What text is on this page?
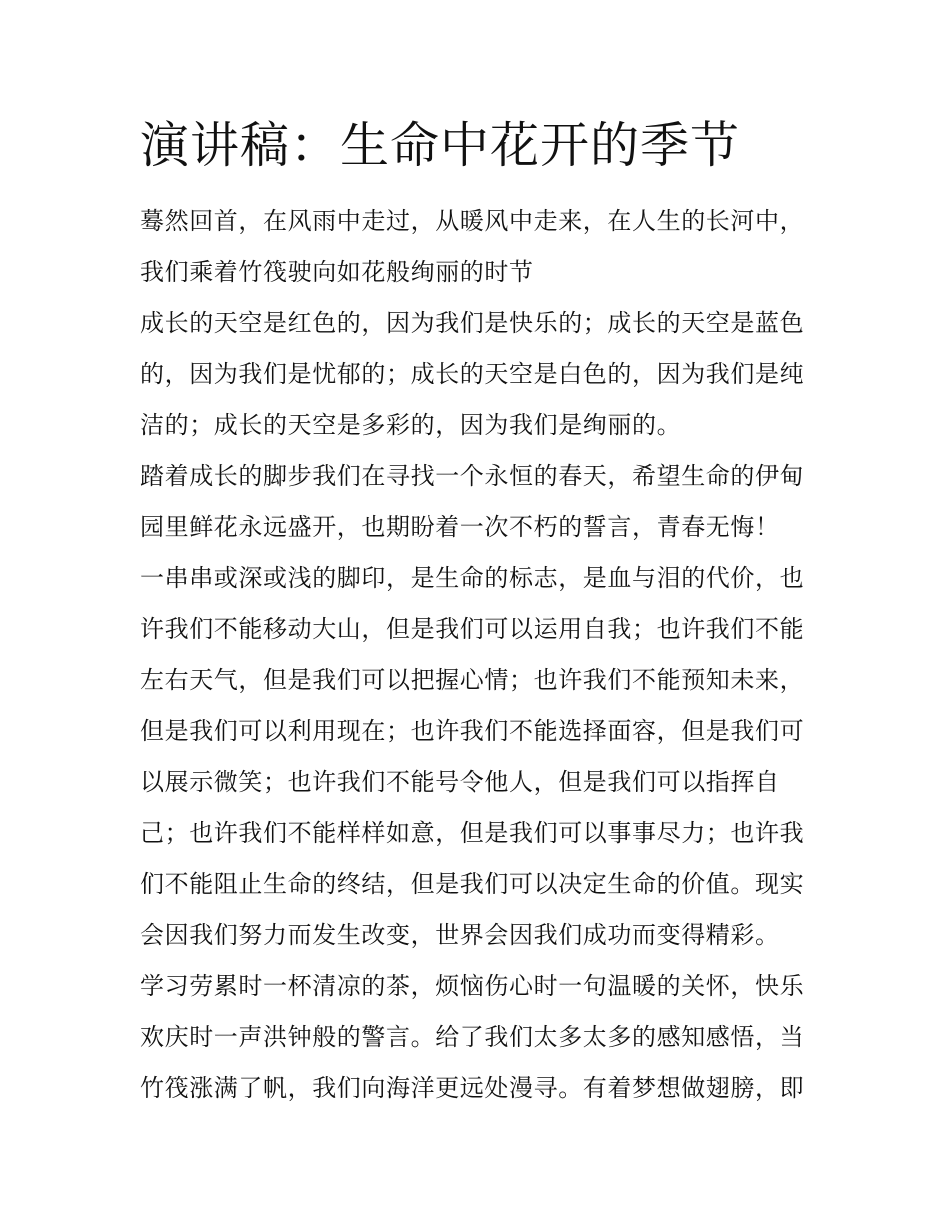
演讲稿：生命中花开的季节
蓦然回首，在风雨中走过，从暖风中走来，在人生的长河中，
我们乘着竹筏驶向如花般绚丽的时节
成长的天空是红色的，因为我们是快乐的；成长的天空是蓝色
的，因为我们是忧郁的；成长的天空是白色的，因为我们是纯
洁的；成长的天空是多彩的，因为我们是绚丽的。
踏着成长的脚步我们在寻找一个永恒的春天，希望生命的伊甸
园里鲜花永远盛开，也期盼着一次不朽的誓言，青春无悔！
一串串或深或浅的脚印，是生命的标志，是血与泪的代价，也
许我们不能移动大山，但是我们可以运用自我；也许我们不能
左右天气，但是我们可以把握心情；也许我们不能预知未来，
但是我们可以利用现在；也许我们不能选择面容，但是我们可
以展示微笑；也许我们不能号令他人，但是我们可以指挥自
己；也许我们不能样样如意，但是我们可以事事尽力；也许我
们不能阻止生命的终结，但是我们可以决定生命的价值。现实
会因我们努力而发生改变，世界会因我们成功而变得精彩。
学习劳累时一杯清凉的茶，烦恼伤心时一句温暖的关怀，快乐
欢庆时一声洪钟般的警言。给了我们太多太多的感知感悟，当
竹筏涨满了帆，我们向海洋更远处漫寻。有着梦想做翅膀，即
